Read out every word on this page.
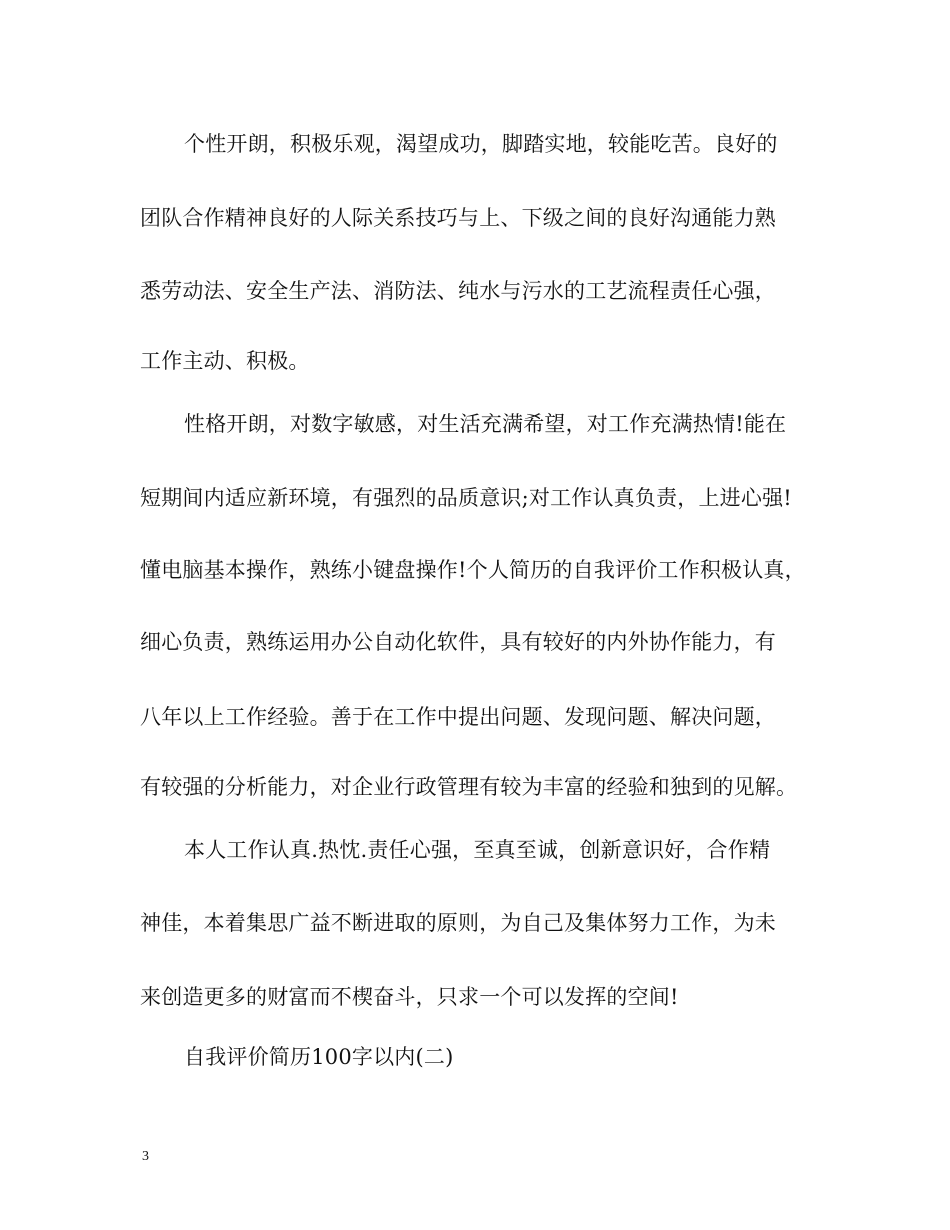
个性开朗，积极乐观，渴望成功，脚踏实地，较能吃苦。良好的
团队合作精神良好的人际关系技巧与上、下级之间的良好沟通能力熟
悉劳动法、安全生产法、消防法、纯水与污水的工艺流程责任心强，
工作主动、积极。
性格开朗，对数字敏感，对生活充满希望，对工作充满热情!能在
短期间内适应新环境，有强烈的品质意识;对工作认真负责，上进心强!
懂电脑基本操作，熟练小键盘操作!个人简历的自我评价工作积极认真，
细心负责，熟练运用办公自动化软件，具有较好的内外协作能力，有
八年以上工作经验。善于在工作中提出问题、发现问题、解决问题，
有较强的分析能力，对企业行政管理有较为丰富的经验和独到的见解。
本人工作认真.热忱.责任心强，至真至诚，创新意识好，合作精
神佳，本着集思广益不断进取的原则，为自己及集体努力工作，为未
来创造更多的财富而不楔奋斗，只求一个可以发挥的空间!
自我评价简历100字以内(二)
3
